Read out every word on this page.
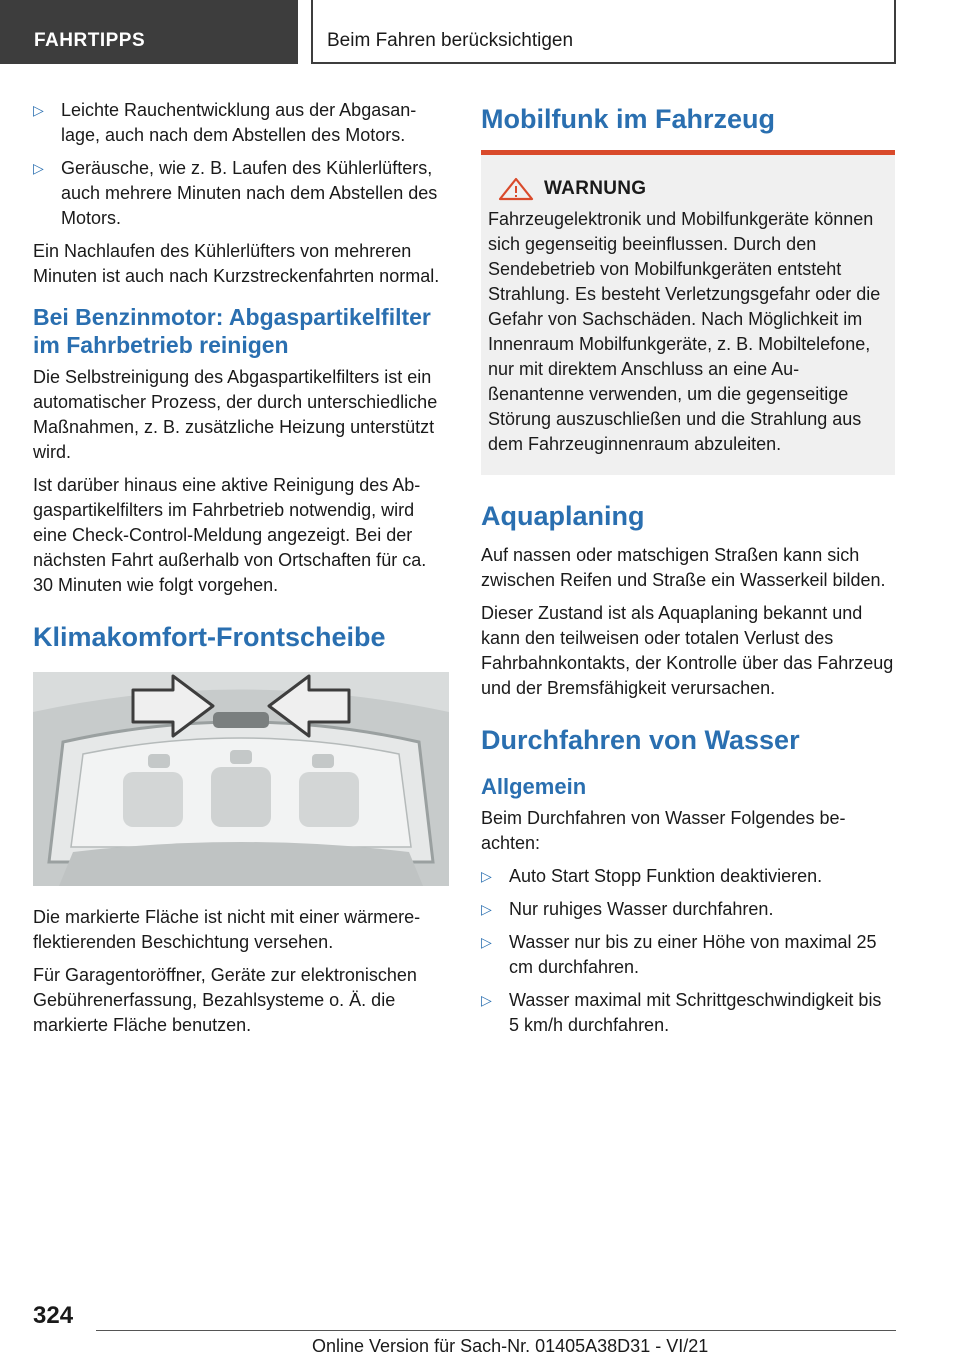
FAHRTIPPS	Beim Fahren berücksichtigen
▷ Leichte Rauchentwicklung aus der Abgasanlage, auch nach dem Abstellen des Motors.
▷ Geräusche, wie z. B. Laufen des Kühlerlüfters, auch mehrere Minuten nach dem Abstellen des Motors.

Ein Nachlaufen des Kühlerlüfters von mehreren Minuten ist auch nach Kurzstreckenfahrten normal.

Bei Benzinmotor: Abgaspartikelfilter im Fahrbetrieb reinigen

Die Selbstreinigung des Abgaspartikelfilters ist ein automatischer Prozess, der durch unterschiedliche Maßnahmen, z. B. zusätzliche Heizung unterstützt wird.

Ist darüber hinaus eine aktive Reinigung des Abgaspartikelfilters im Fahrbetrieb notwendig, wird eine Check-Control-Meldung angezeigt. Bei der nächsten Fahrt außerhalb von Ortschaften für ca. 30 Minuten wie folgt vorgehen.

Klimakomfort-Frontscheibe

Die markierte Fläche ist nicht mit einer wärmereflektierenden Beschichtung versehen.

Für Garagentoröffner, Geräte zur elektronischen Gebührenerfassung, Bezahlsysteme o. Ä. die markierte Fläche benutzen.

Mobilfunk im Fahrzeug
WARNUNG

Fahrzeugelektronik und Mobilfunkgeräte können sich gegenseitig beeinflussen. Durch den Sendebetrieb von Mobilfunkgeräten entsteht Strahlung. Es besteht Verletzungsgefahr oder die Gefahr von Sachschäden. Nach Möglichkeit im Innenraum Mobilfunkgeräte, z. B. Mobiltelefone, nur mit direktem Anschluss an eine Außenantenne verwenden, um die gegenseitige Störung auszuschließen und die Strahlung aus dem Fahrzeuginnenraum abzuleiten.

Aquaplaning

Auf nassen oder matschigen Straßen kann sich zwischen Reifen und Straße ein Wasserkeil bilden.

Dieser Zustand ist als Aquaplaning bekannt und kann den teilweisen oder totalen Verlust des Fahrbahnkontakts, der Kontrolle über das Fahrzeug und der Bremsfähigkeit verursachen.

Durchfahren von Wasser
Allgemein

Beim Durchfahren von Wasser Folgendes beachten:

▷ Auto Start Stopp Funktion deaktivieren.
▷ Nur ruhiges Wasser durchfahren.
▷ Wasser nur bis zu einer Höhe von maximal 25 cm durchfahren.
▷ Wasser maximal mit Schrittgeschwindigkeit bis 5 km/h durchfahren.
324
Online Version für Sach-Nr. 01405A38D31 - VI/21
